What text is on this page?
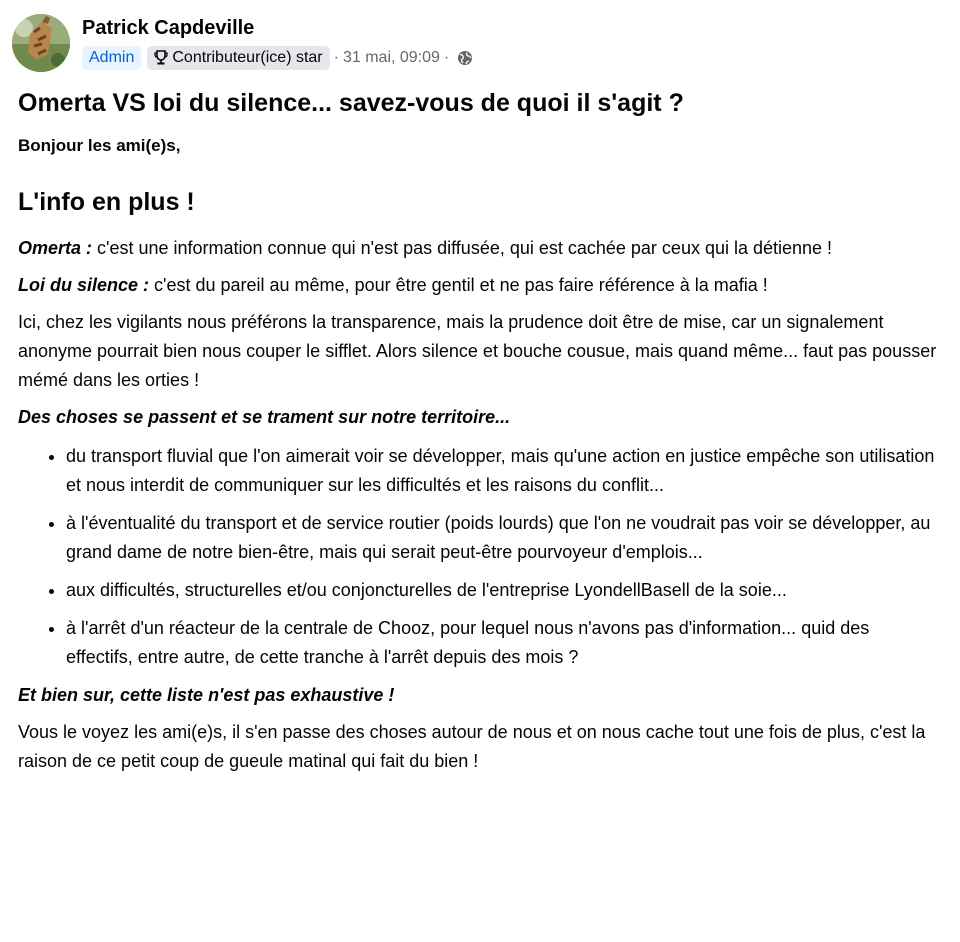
Patrick Capdeville
Admin	Contributeur(ice) star · 31 mai, 09:09 ·
Omerta VS loi du silence... savez-vous de quoi il s'agit ?
Bonjour les ami(e)s,
L'info en plus !
Omerta : c'est une information connue qui n'est pas diffusée, qui est cachée par ceux qui la détienne !
Loi du silence : c'est du pareil au même, pour être gentil et ne pas faire référence à la mafia !
Ici, chez les vigilants nous préférons la transparence, mais la prudence doit être de mise, car un signalement anonyme pourrait bien nous couper le sifflet. Alors silence et bouche cousue, mais quand même... faut pas pousser mémé dans les orties !
Des choses se passent et se trament sur notre territoire...
• du transport fluvial que l'on aimerait voir se développer, mais qu'une action en justice empêche son utilisation et nous interdit de communiquer sur les difficultés et les raisons du conflit...
• à l'éventualité du transport et de service routier (poids lourds) que l'on ne voudrait pas voir se développer, au grand dame de notre bien-être, mais qui serait peut-être pourvoyeur d'emplois...
• aux difficultés, structurelles et/ou conjoncturelles de l'entreprise LyondellBasell de la soie...
• à l'arrêt d'un réacteur de la centrale de Chooz, pour lequel nous n'avons pas d'information... quid des effectifs, entre autre, de cette tranche à l'arrêt depuis des mois ?
Et bien sur, cette liste n'est pas exhaustive !
Vous le voyez les ami(e)s, il s'en passe des choses autour de nous et on nous cache tout une fois de plus, c'est la raison de ce petit coup de gueule matinal qui fait du bien !
